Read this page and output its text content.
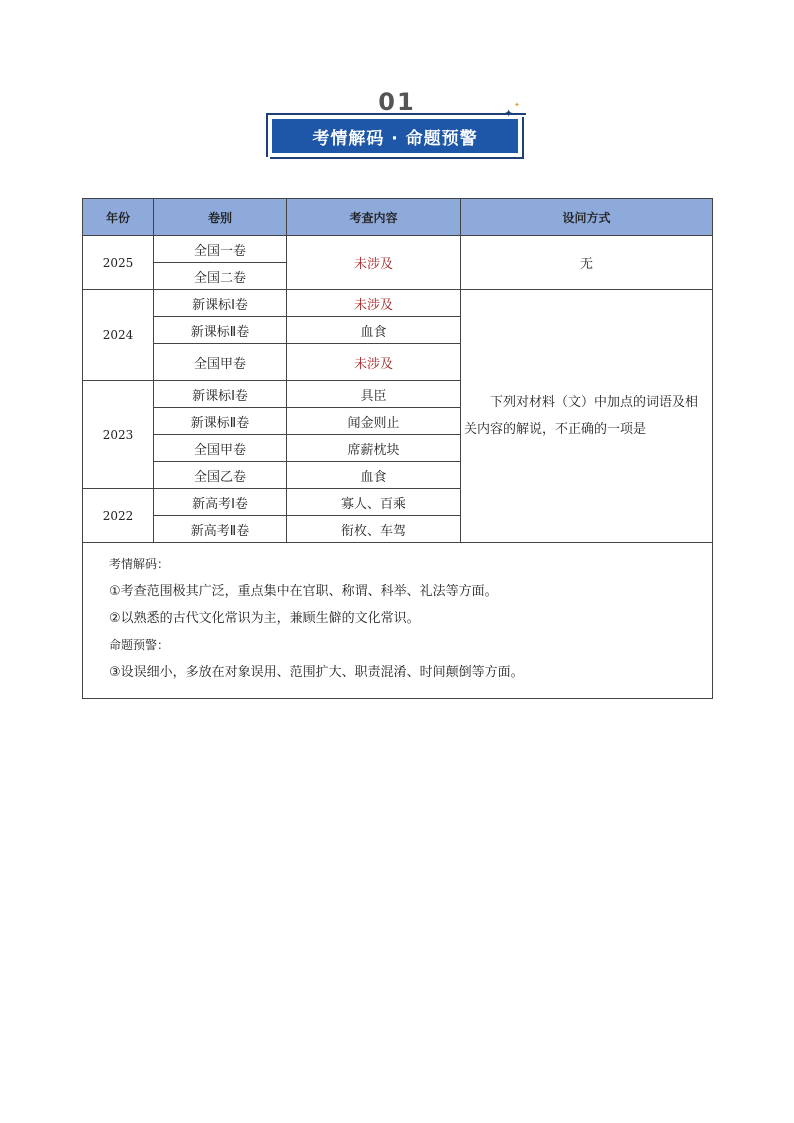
01
考情解码 · 命题预警
✦
✦
年份	卷别	考查内容	设问方式
2025	全国一卷	未涉及	无
	全国二卷		
2024	新课标Ⅰ卷	未涉及	下列对材料（文）中加点的词语及相关内容的解说，不正确的一项是
	新课标Ⅱ卷	血食	
	全国甲卷	未涉及	
2023	新课标Ⅰ卷	具臣	
	新课标Ⅱ卷	闻金则止	
	全国甲卷	席薪枕块	
	全国乙卷	血食	
2022	新高考Ⅰ卷	寡人、百乘	
	新高考Ⅱ卷	衔枚、车驾	

考情解码：
①考查范围极其广泛，重点集中在官职、称谓、科举、礼法等方面。
②以熟悉的古代文化常识为主，兼顾生僻的文化常识。
命题预警：
③设误细小，多放在对象误用、范围扩大、职责混淆、时间颠倒等方面。			
